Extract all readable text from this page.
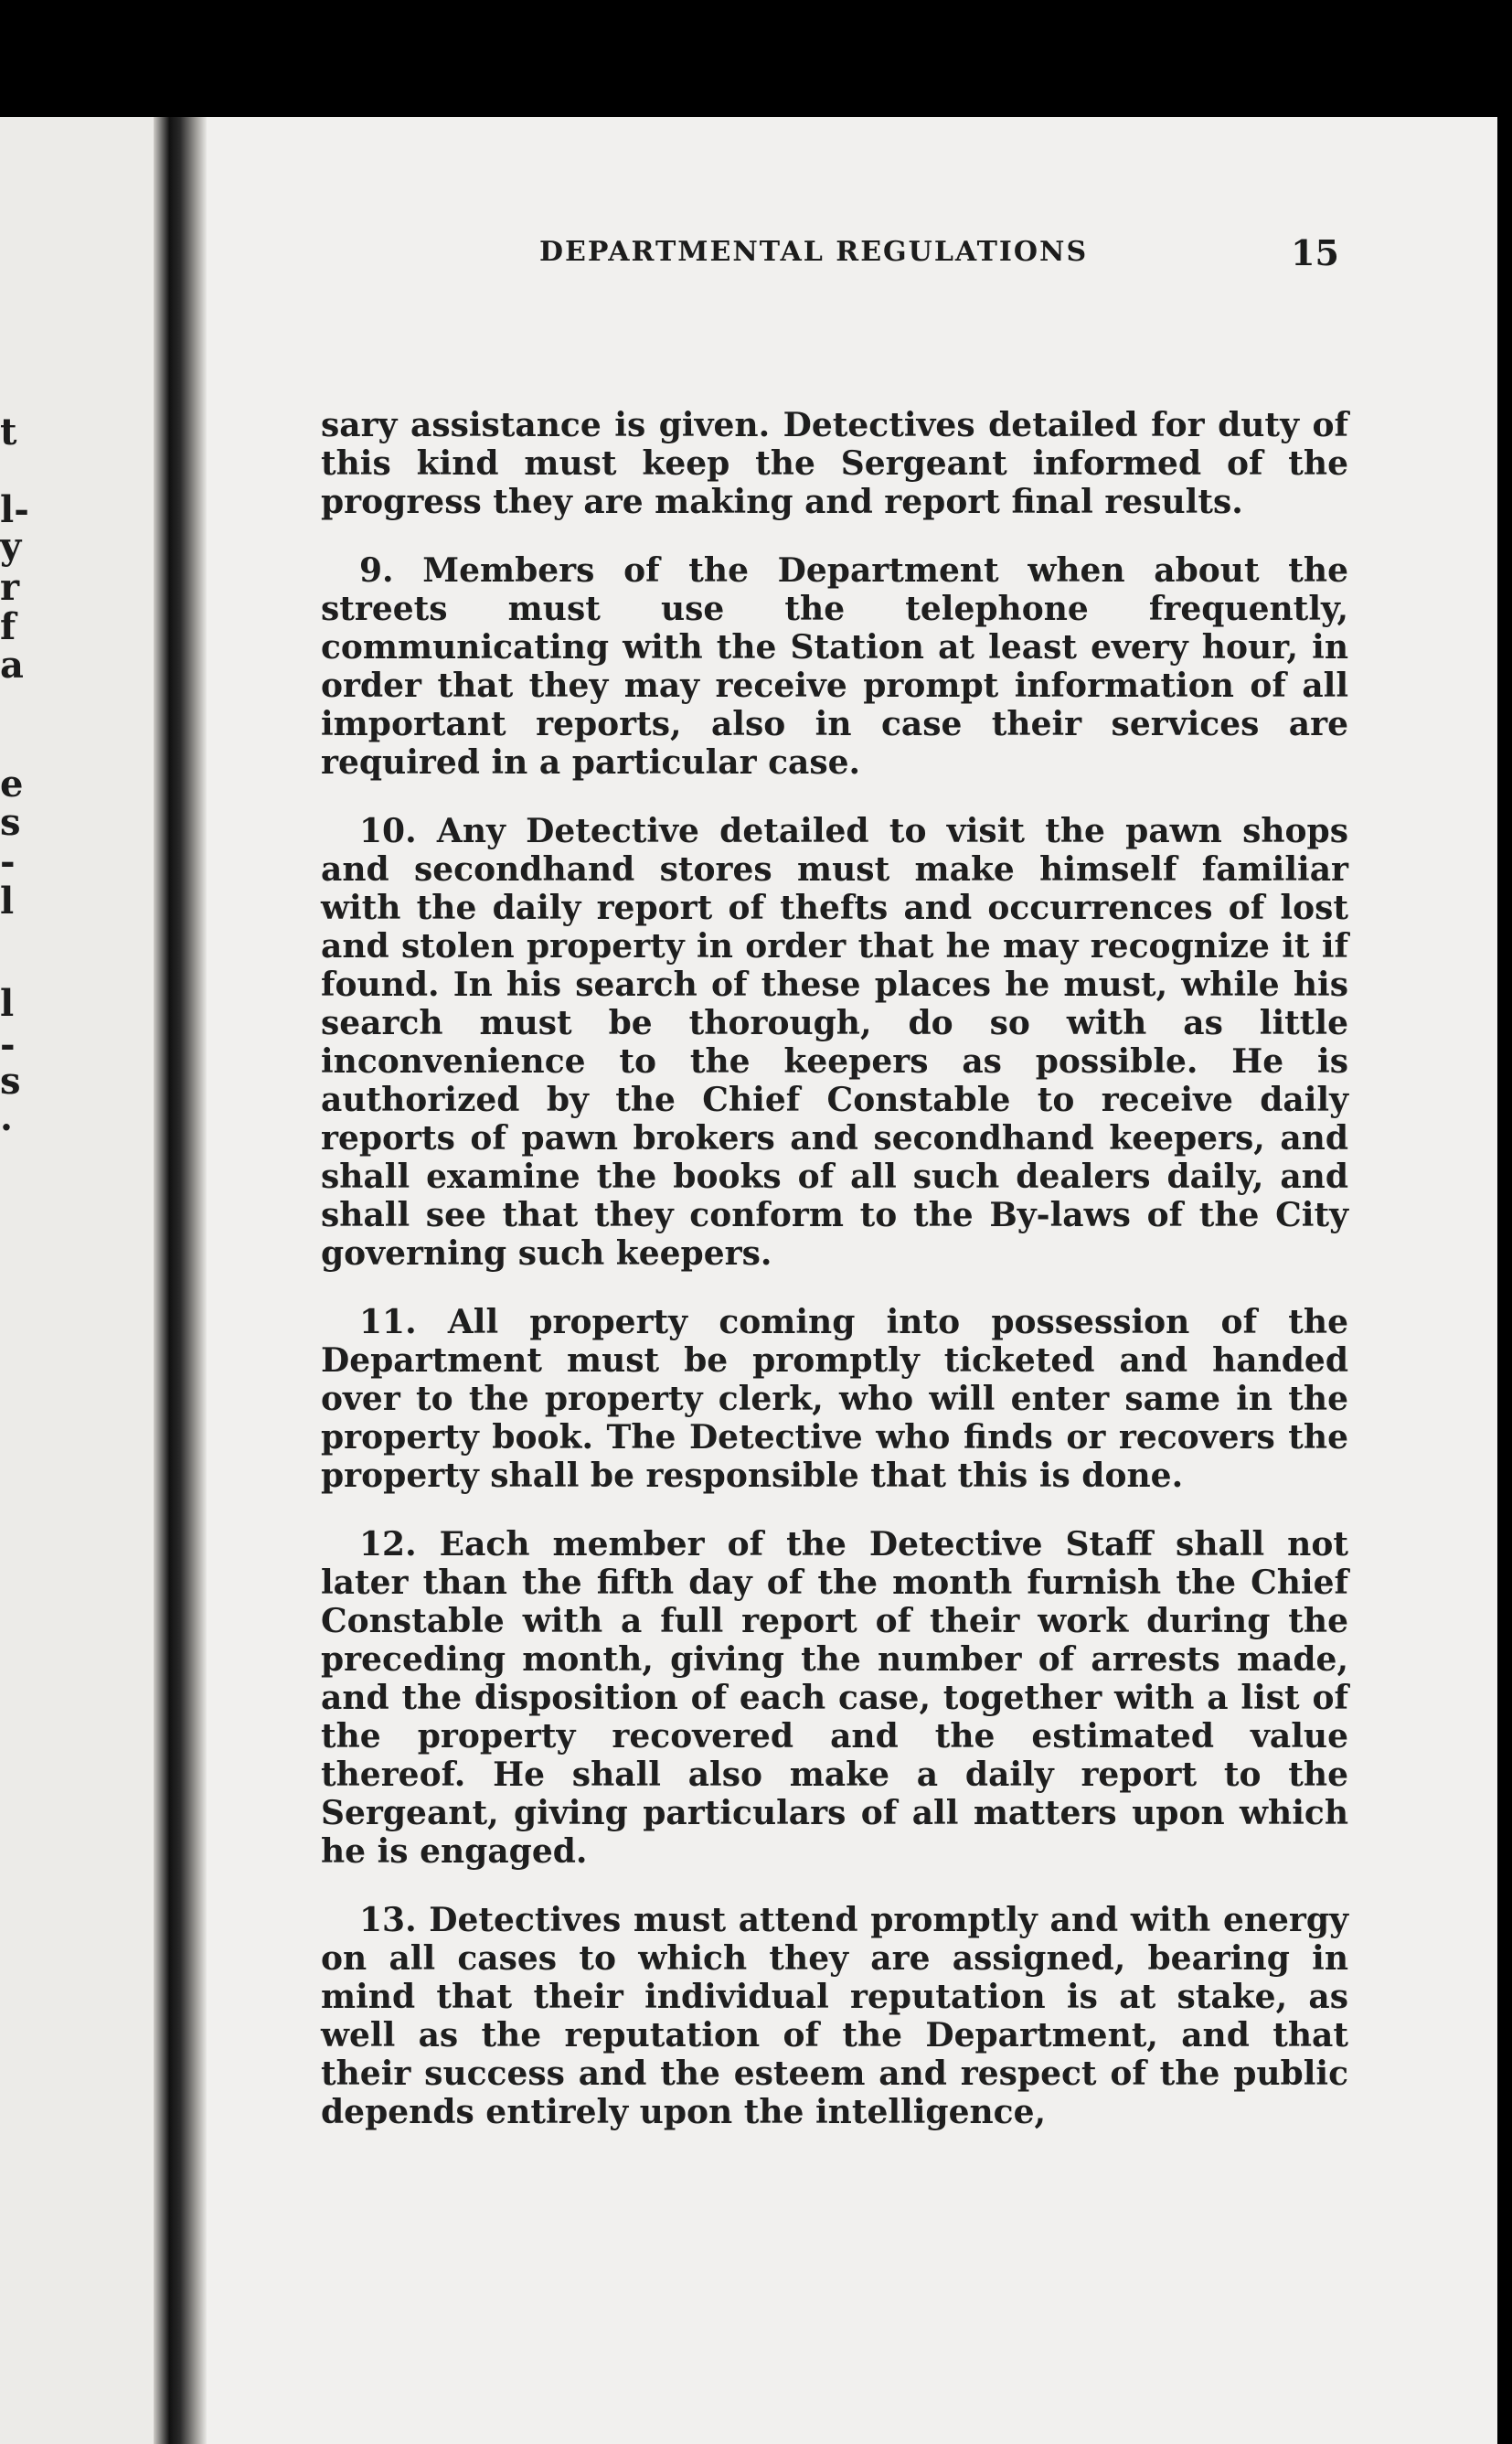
t
l-
y
r
f
a
e
s
-
l
l
-
s
.
DEPARTMENTAL REGULATIONS	15

sary assistance is given. Detectives detailed for duty of this kind must keep the Sergeant informed of the progress they are making and report final results.

9. Members of the Department when about the streets must use the telephone frequently, communicating with the Station at least every hour, in order that they may receive prompt information of all important reports, also in case their services are required in a particular case.

10. Any Detective detailed to visit the pawn shops and secondhand stores must make himself familiar with the daily report of thefts and occurrences of lost and stolen property in order that he may recognize it if found. In his search of these places he must, while his search must be thorough, do so with as little inconvenience to the keepers as possible. He is authorized by the Chief Constable to receive daily reports of pawn brokers and secondhand keepers, and shall examine the books of all such dealers daily, and shall see that they conform to the By-laws of the City governing such keepers.

11. All property coming into possession of the Department must be promptly ticketed and handed over to the property clerk, who will enter same in the property book. The Detective who finds or recovers the property shall be responsible that this is done.

12. Each member of the Detective Staff shall not later than the fifth day of the month furnish the Chief Constable with a full report of their work during the preceding month, giving the number of arrests made, and the disposition of each case, together with a list of the property recovered and the estimated value thereof. He shall also make a daily report to the Sergeant, giving particulars of all matters upon which he is engaged.

13. Detectives must attend promptly and with energy on all cases to which they are assigned, bearing in mind that their individual reputation is at stake, as well as the reputation of the Department, and that their success and the esteem and respect of the public depends entirely upon the intelligence,
